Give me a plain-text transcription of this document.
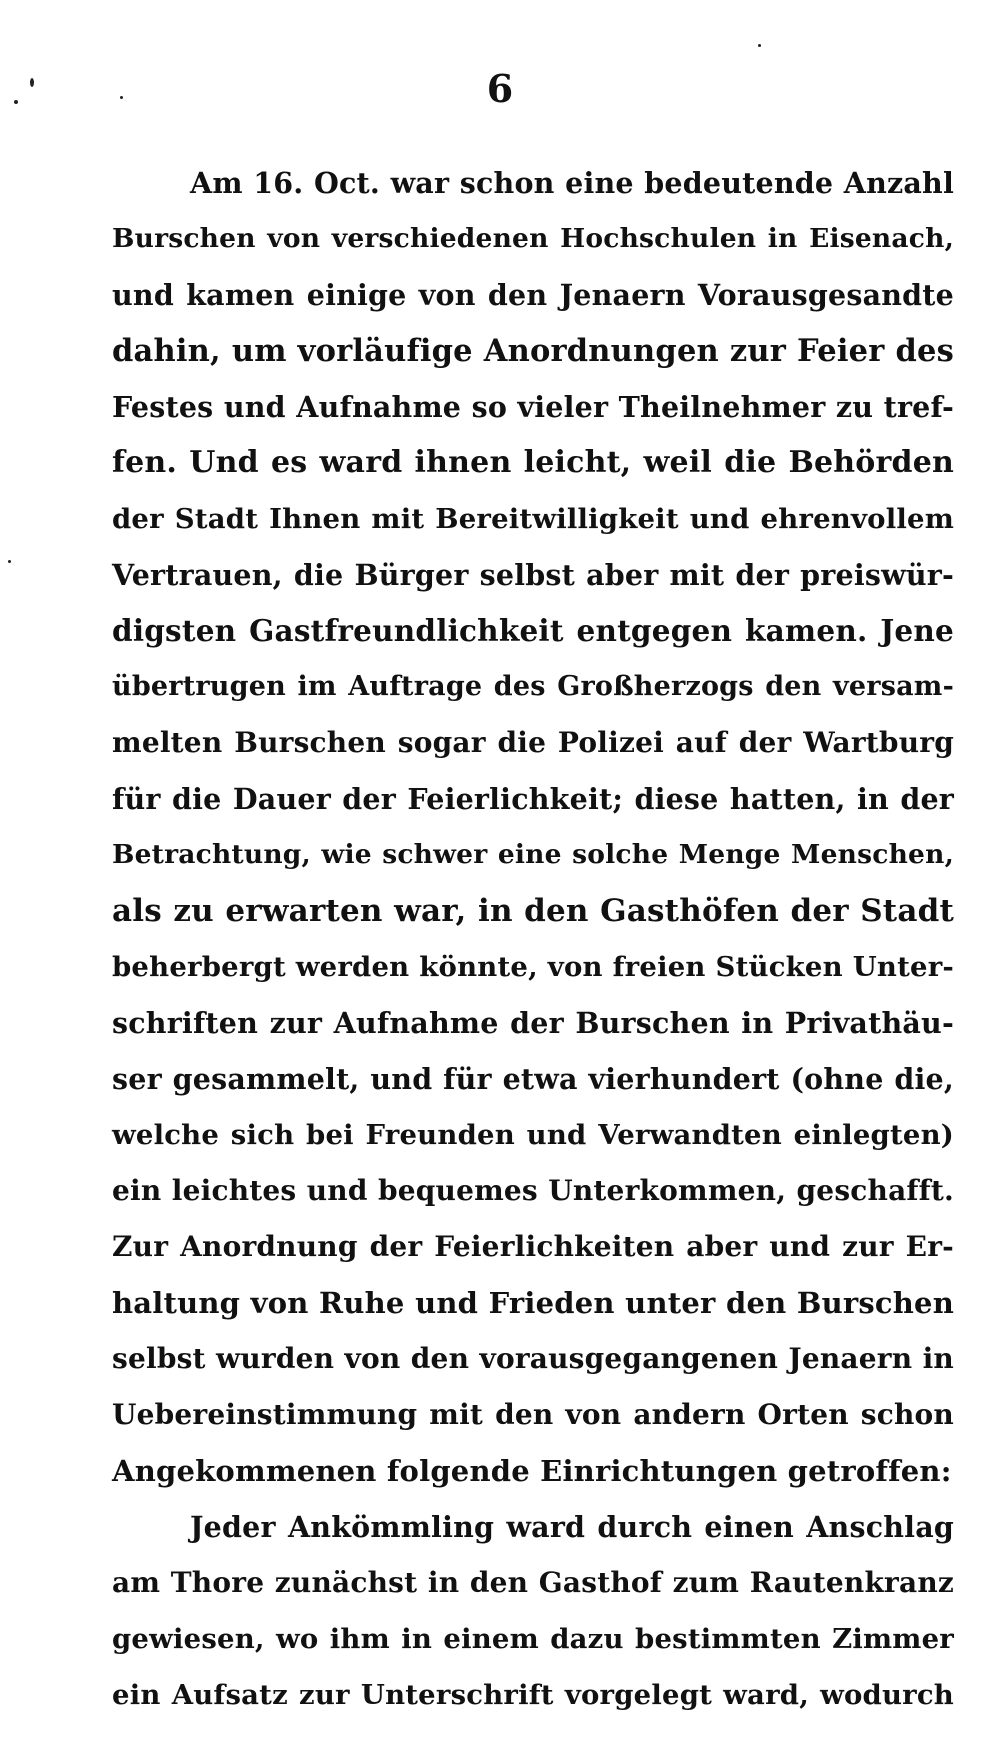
6
Am 16. Oct. war schon eine bedeutende Anzahl
Burschen von verschiedenen Hochschulen in Eisenach,
und kamen einige von den Jenaern Vorausgesandte
dahin, um vorläufige Anordnungen zur Feier des
Festes und Aufnahme so vieler Theilnehmer zu tref-
fen. Und es ward ihnen leicht, weil die Behörden
der Stadt Ihnen mit Bereitwilligkeit und ehrenvollem
Vertrauen, die Bürger selbst aber mit der preiswür-
digsten Gastfreundlichkeit entgegen kamen. Jene
übertrugen im Auftrage des Großherzogs den versam-
melten Burschen sogar die Polizei auf der Wartburg
für die Dauer der Feierlichkeit; diese hatten, in der
Betrachtung, wie schwer eine solche Menge Menschen,
als zu erwarten war, in den Gasthöfen der Stadt
beherbergt werden könnte, von freien Stücken Unter-
schriften zur Aufnahme der Burschen in Privathäu-
ser gesammelt, und für etwa vierhundert (ohne die,
welche sich bei Freunden und Verwandten einlegten)
ein leichtes und bequemes Unterkommen, geschafft.
Zur Anordnung der Feierlichkeiten aber und zur Er-
haltung von Ruhe und Frieden unter den Burschen
selbst wurden von den vorausgegangenen Jenaern in
Uebereinstimmung mit den von andern Orten schon
Angekommenen folgende Einrichtungen getroffen:
Jeder Ankömmling ward durch einen Anschlag
am Thore zunächst in den Gasthof zum Rautenkranz
gewiesen, wo ihm in einem dazu bestimmten Zimmer
ein Aufsatz zur Unterschrift vorgelegt ward, wodurch
